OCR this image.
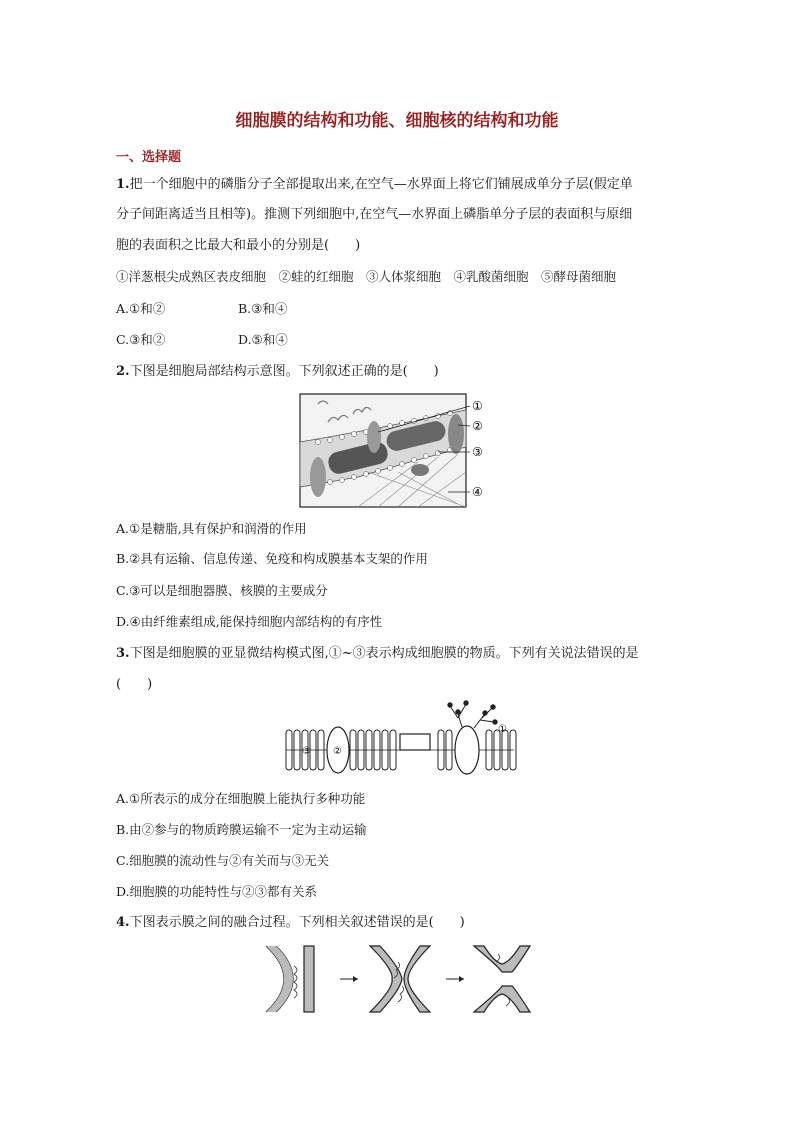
细胞膜的结构和功能、细胞核的结构和功能
一、选择题
1.把一个细胞中的磷脂分子全部提取出来,在空气—水界面上将它们铺展成单分子层(假定单
分子间距离适当且相等)。推测下列细胞中,在空气—水界面上磷脂单分子层的表面积与原细
胞的表面积之比最大和最小的分别是(　　)
①洋葱根尖成熟区表皮细胞　②蛙的红细胞　③人体浆细胞　④乳酸菌细胞　⑤酵母菌细胞
A.①和②	B.③和④
C.③和②	D.⑤和④
2.下图是细胞局部结构示意图。下列叙述正确的是(　　)
①
②
③
④
A.①是糖脂,具有保护和润滑的作用
B.②具有运输、信息传递、免疫和构成膜基本支架的作用
C.③可以是细胞器膜、核膜的主要成分
D.④由纤维素组成,能保持细胞内部结构的有序性
3.下图是细胞膜的亚显微结构模式图,①~③表示构成细胞膜的物质。下列有关说法错误的是
(　　)
①
②
③
A.①所表示的成分在细胞膜上能执行多种功能
B.由②参与的物质跨膜运输不一定为主动运输
C.细胞膜的流动性与②有关而与③无关
D.细胞膜的功能特性与②③都有关系
4.下图表示膜之间的融合过程。下列相关叙述错误的是(　　)
